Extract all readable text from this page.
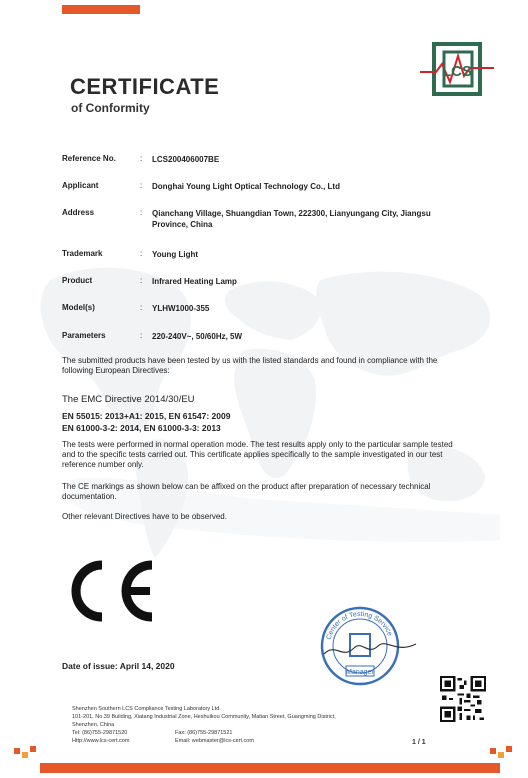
LCS
CERTIFICATE
of Conformity
Reference No.	: LCS200406007BE
Applicant	: Donghai Young Light Optical Technology Co., Ltd
Address	: Qianchang Village, Shuangdian Town, 222300, Lianyungang City, Jiangsu Province, China
Trademark	: Young Light
Product	: Infrared Heating Lamp
Model(s)	: YLHW1000-355
Parameters	: 220-240V~, 50/60Hz, 5W
The submitted products have been tested by us with the listed standards and found in compliance with the following European Directives:
The EMC Directive 2014/30/EU
EN 55015: 2013+A1: 2015, EN 61547: 2009
EN 61000-3-2: 2014, EN 61000-3-3: 2013
The tests were performed in normal operation mode. The test results apply only to the particular sample tested and to the specific tests carried out. This certificate applies specifically to the sample investigated in our test reference number only.
The CE markings as shown below can be affixed on the product after preparation of necessary technical documentation.
Other relevant Directives have to be observed.
Center of Testing Service
Manager
Date of issue: April 14, 2020
Shenzhen Southern LCS Compliance Testing Laboratory Ltd.
101-201, No.39 Building, Xiatang Industrial Zone, Heshuikou Community, Matian Street, Guangming District,
Shenzhen, China
Tel: (86)755-29871520	Fax: (86)755-29871521
Http://www.lcs-cert.com	Email: webmaster@lcs-cert.com	1 / 1
